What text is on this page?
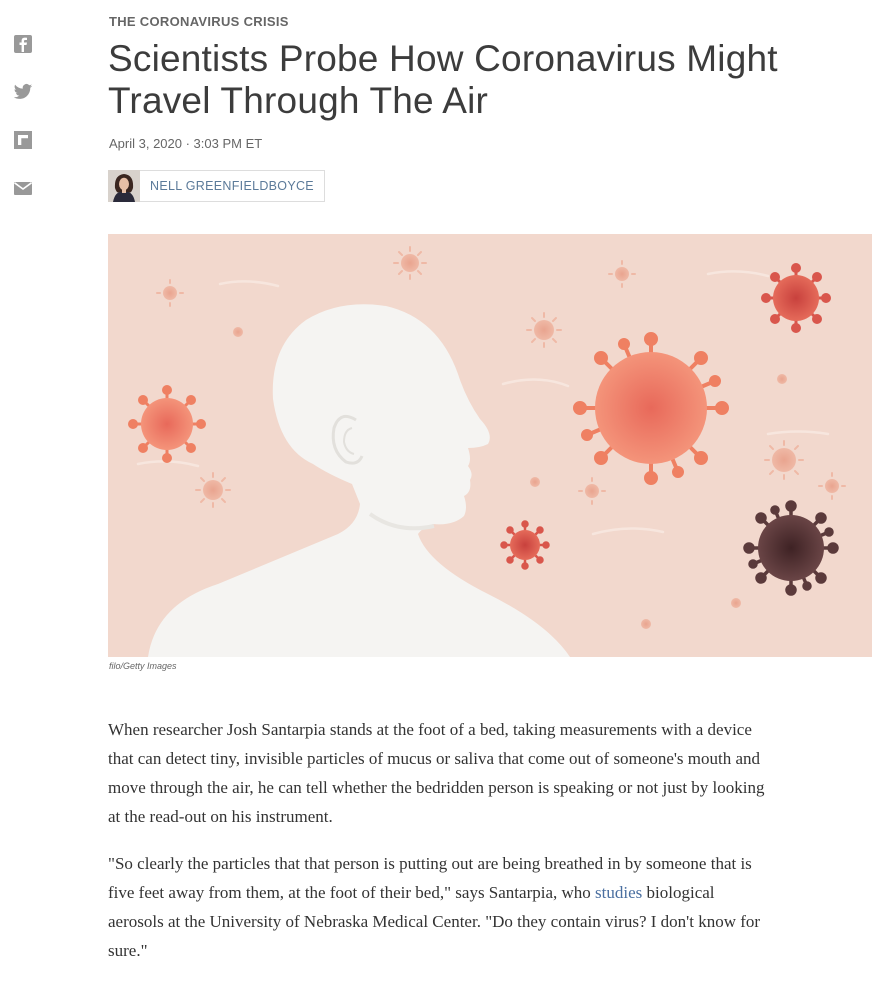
THE CORONAVIRUS CRISIS
Scientists Probe How Coronavirus Might Travel Through The Air
April 3, 2020 · 3:03 PM ET
NELL GREENFIELDBOYCE
filo/Getty Images

When researcher Josh Santarpia stands at the foot of a bed, taking measurements with a device that can detect tiny, invisible particles of mucus or saliva that come out of someone's mouth and move through the air, he can tell whether the bedridden person is speaking or not just by looking at the read-out on his instrument.

"So clearly the particles that that person is putting out are being breathed in by someone that is five feet away from them, at the foot of their bed," says Santarpia, who studies biological aerosols at the University of Nebraska Medical Center. "Do they contain virus? I don't know for sure."
